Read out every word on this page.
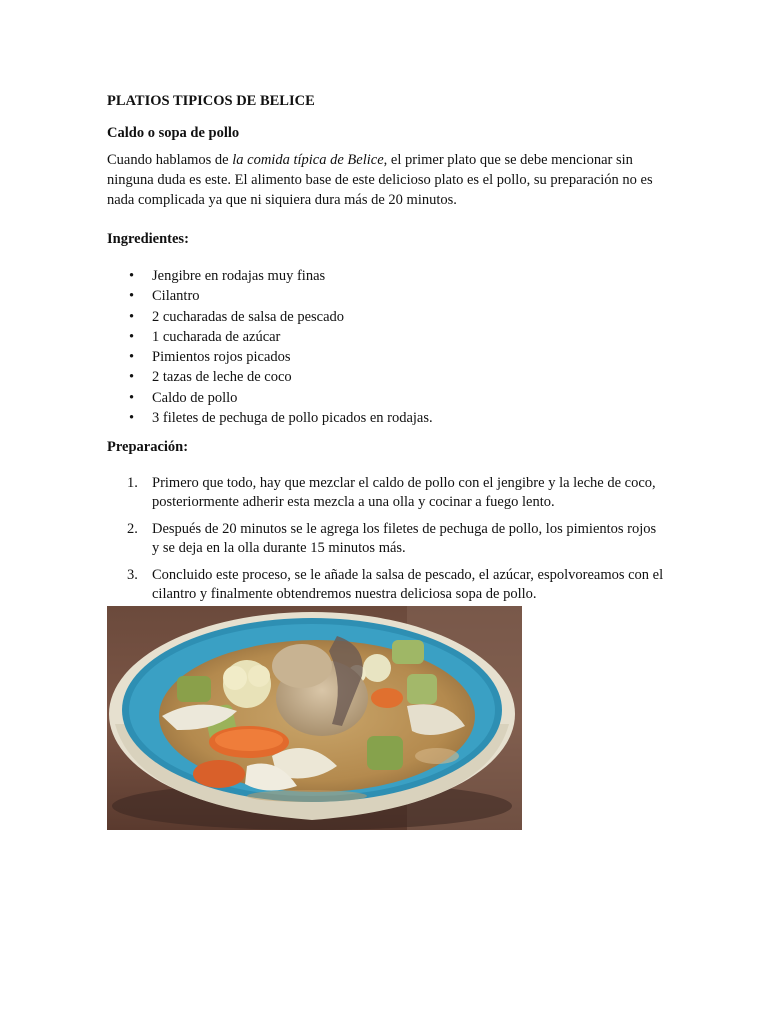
PLATIOS TIPICOS DE BELICE
Caldo o sopa de pollo

Cuando hablamos de la comida típica de Belice, el primer plato que se debe mencionar sin ninguna duda es este. El alimento base de este delicioso plato es el pollo, su preparación no es nada complicada ya que ni siquiera dura más de 20 minutos.

Ingredientes:
• Jengibre en rodajas muy finas
• Cilantro
• 2 cucharadas de salsa de pescado
• 1 cucharada de azúcar
• Pimientos rojos picados
• 2 tazas de leche de coco
• Caldo de pollo
• 3 filetes de pechuga de pollo picados en rodajas.
Preparación:
1. Primero que todo, hay que mezclar el caldo de pollo con el jengibre y la leche de coco, posteriormente adherir esta mezcla a una olla y cocinar a fuego lento.
2. Después de 20 minutos se le agrega los filetes de pechuga de pollo, los pimientos rojos y se deja en la olla durante 15 minutos más.
3. Concluido este proceso, se le añade la salsa de pescado, el azúcar, espolvoreamos con el cilantro y finalmente obtendremos nuestra deliciosa sopa de pollo.
